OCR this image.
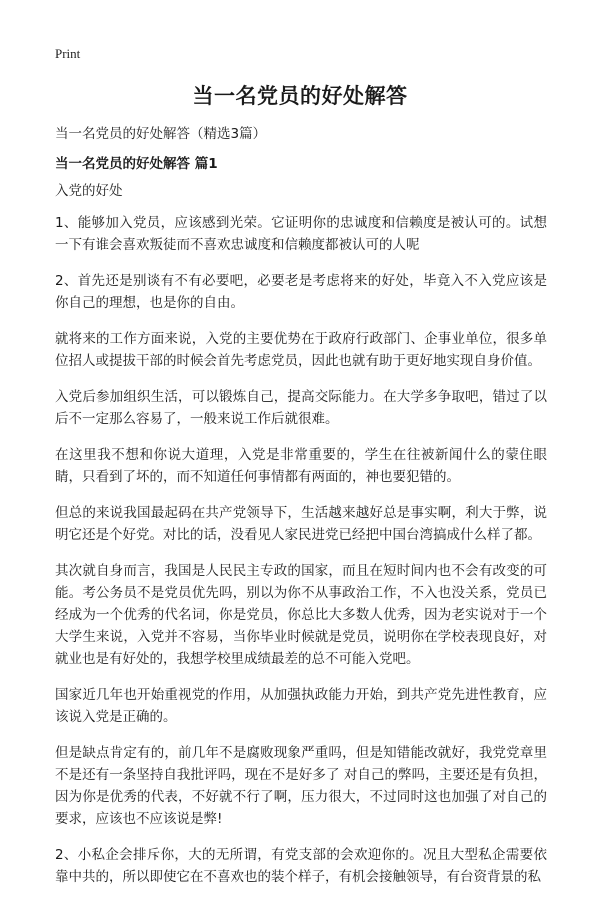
Print
当一名党员的好处解答
当一名党员的好处解答（精选3篇）
当一名党员的好处解答 篇1

入党的好处

1、能够加入党员，应该感到光荣。它证明你的忠诚度和信赖度是被认可的。试想一下有谁会喜欢叛徒而不喜欢忠诚度和信赖度都被认可的人呢

2、首先还是别谈有不有必要吧，必要老是考虑将来的好处，毕竟入不入党应该是你自己的理想，也是你的自由。

就将来的工作方面来说，入党的主要优势在于政府行政部门、企事业单位，很多单位招人或提拔干部的时候会首先考虑党员，因此也就有助于更好地实现自身价值。

入党后参加组织生活，可以锻炼自己，提高交际能力。在大学多争取吧，错过了以后不一定那么容易了，一般来说工作后就很难。

在这里我不想和你说大道理，入党是非常重要的，学生在往被新闻什么的蒙住眼睛，只看到了坏的，而不知道任何事情都有两面的，神也要犯错的。

但总的来说我国最起码在共产党领导下，生活越来越好总是事实啊，利大于弊，说明它还是个好党。对比的话，没看见人家民进党已经把中国台湾搞成什么样了都。

其次就自身而言，我国是人民民主专政的国家，而且在短时间内也不会有改变的可能。考公务员不是党员优先吗，别以为你不从事政治工作，不入也没关系，党员已经成为一个优秀的代名词，你是党员，你总比大多数人优秀，因为老实说对于一个大学生来说，入党并不容易，当你毕业时候就是党员，说明你在学校表现良好，对就业也是有好处的，我想学校里成绩最差的总不可能入党吧。

国家近几年也开始重视党的作用，从加强执政能力开始，到共产党先进性教育，应该说入党是正确的。

但是缺点肯定有的，前几年不是腐败现象严重吗，但是知错能改就好，我党党章里不是还有一条坚持自我批评吗，现在不是好多了 对自己的弊吗，主要还是有负担，因为你是优秀的代表，不好就不行了啊，压力很大，不过同时这也加强了对自己的要求，应该也不应该说是弊!

2、小私企会排斥你，大的无所谓，有党支部的会欢迎你的。况且大型私企需要依靠中共的，所以即使它在不喜欢也的装个样子，有机会接触领导，有台资背景的私
